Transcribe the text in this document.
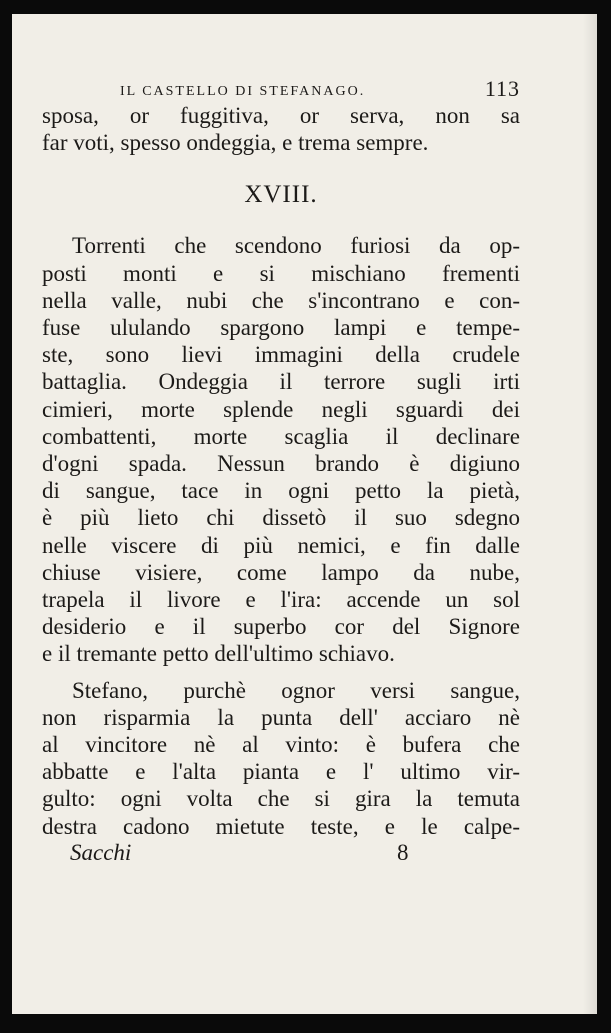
IL CASTELLO DI STEFANAGO.	113
sposa, or fuggitiva, or serva, non sa
far voti, spesso ondeggia, e trema sempre.
XVIII.
Torrenti che scendono furiosi da op-
posti monti e si mischiano frementi
nella valle, nubi che s'incontrano e con-
fuse ululando spargono lampi e tempe-
ste, sono lievi immagini della crudele
battaglia. Ondeggia il terrore sugli irti
cimieri, morte splende negli sguardi dei
combattenti, morte scaglia il declinare
d'ogni spada. Nessun brando è digiuno
di sangue, tace in ogni petto la pietà,
è più lieto chi dissetò il suo sdegno
nelle viscere di più nemici, e fin dalle
chiuse visiere, come lampo da nube,
trapela il livore e l'ira: accende un sol
desiderio e il superbo cor del Signore
e il tremante petto dell'ultimo schiavo.
Stefano, purchè ognor versi sangue,
non risparmia la punta dell' acciaro nè
al vincitore nè al vinto: è bufera che
abbatte e l'alta pianta e l' ultimo vir-
gulto: ogni volta che si gira la temuta
destra cadono mietute teste, e le calpe-
Sacchi	8
